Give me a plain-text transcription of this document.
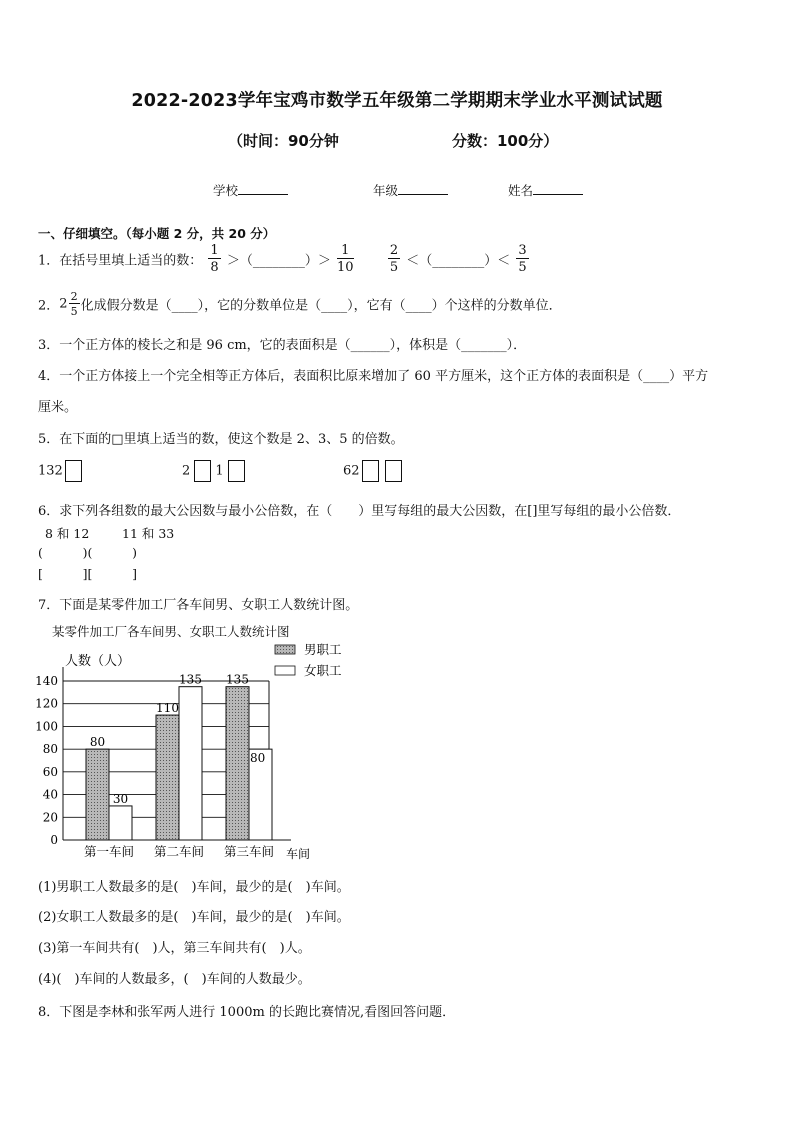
2022-2023学年宝鸡市数学五年级第二学期期末学业水平测试试题
（时间：90分钟	分数：100分）
学校	年级	姓名
一、仔细填空。（每小题 2 分，共 20 分）
1．在括号里填上适当的数： $\frac{1}{8}$ ＞（________）＞ $\frac{1}{10}$
	$\frac{2}{5}$ ＜（________）＜ $\frac{3}{5}$
2．$2 \frac{2}{5}$ 化成假分数是（____），它的分数单位是（____），它有（____）个这样的分数单位．
3．一个正方体的棱长之和是 96 cm，它的表面积是（______），体积是（_______）．
4．一个正方体接上一个完全相等正方体后，表面积比原来增加了 60 平方厘米，这个正方体的表面积是（____）平方
厘米。
5．在下面的□里填上适当的数，使这个数是 2、3、5 的倍数。
132	2 1	62
6．求下列各组数的最大公因数与最小公倍数，在（　　）里写每组的最大公因数，在[]里写每组的最小公倍数．
8 和 12	11 和 33
(          )(          )
[          ][          ]
7．下面是某零件加工厂各车间男、女职工人数统计图。
某零件加工厂各车间男、女职工人数统计图
人数（人）
0
20
40
60
80
100
120
140
80
30
110
135 135
80
第一车间 第二车间 第三车间 车间
男职工
女职工
(1)男职工人数最多的是(　)车间，最少的是(　)车间。
(2)女职工人数最多的是(　)车间，最少的是(　)车间。
(3)第一车间共有(　)人，第三车间共有(　)人。
(4)(　)车间的人数最多，(　)车间的人数最少。
8．下图是李林和张军两人进行 1000m 的长跑比赛情况,看图回答问题．
